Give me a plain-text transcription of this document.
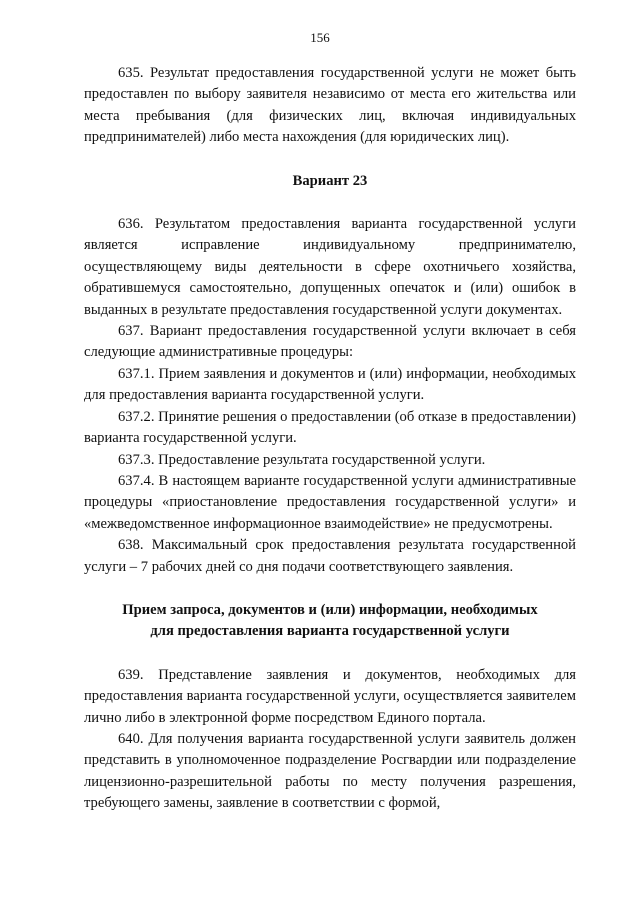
156

635. Результат предоставления государственной услуги не может быть предоставлен по выбору заявителя независимо от места его жительства или места пребывания (для физических лиц, включая индивидуальных предпринимателей) либо места нахождения (для юридических лиц).

Вариант 23

636. Результатом предоставления варианта государственной услуги является исправление индивидуальному предпринимателю, осуществляющему виды деятельности в сфере охотничьего хозяйства, обратившемуся самостоятельно, допущенных опечаток и (или) ошибок в выданных в результате предоставления государственной услуги документах.

637. Вариант предоставления государственной услуги включает в себя следующие административные процедуры:

637.1. Прием заявления и документов и (или) информации, необходимых для предоставления варианта государственной услуги.

637.2. Принятие решения о предоставлении (об отказе в предоставлении) варианта государственной услуги.

637.3. Предоставление результата государственной услуги.

637.4. В настоящем варианте государственной услуги административные процедуры «приостановление предоставления государственной услуги» и «межведомственное информационное взаимодействие» не предусмотрены.

638. Максимальный срок предоставления результата государственной услуги – 7 рабочих дней со дня подачи соответствующего заявления.

Прием запроса, документов и (или) информации, необходимых

для предоставления варианта государственной услуги

639. Представление заявления и документов, необходимых для предоставления варианта государственной услуги, осуществляется заявителем лично либо в электронной форме посредством Единого портала.

640. Для получения варианта государственной услуги заявитель должен представить в уполномоченное подразделение Росгвардии или подразделение лицензионно-разрешительной работы по месту получения разрешения, требующего замены, заявление в соответствии с формой,
